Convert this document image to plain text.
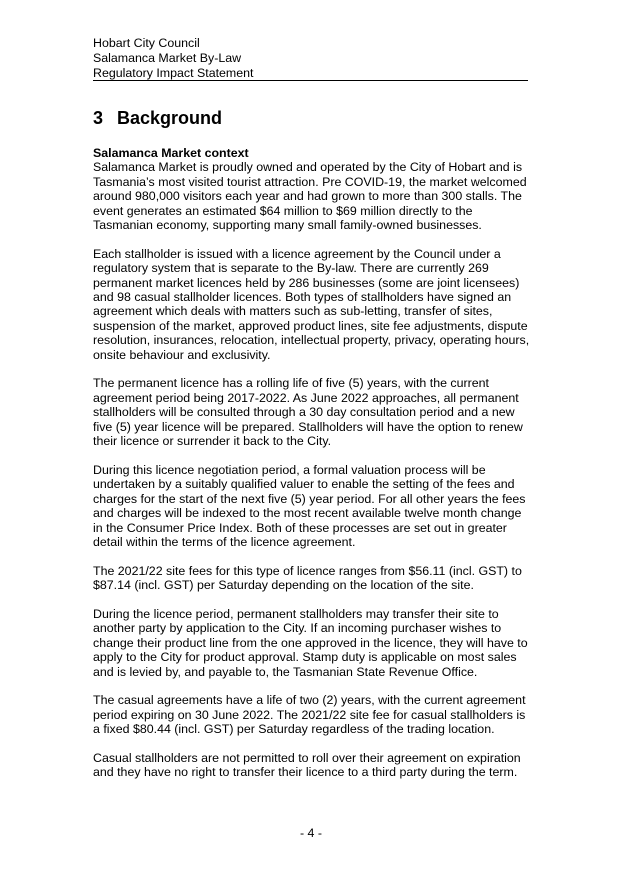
Hobart City Council
Salamanca Market By-Law
Regulatory Impact Statement
3 Background
Salamanca Market context

Salamanca Market is proudly owned and operated by the City of Hobart and is Tasmania’s most visited tourist attraction. Pre COVID-19, the market welcomed around 980,000 visitors each year and had grown to more than 300 stalls. The event generates an estimated $64 million to $69 million directly to the Tasmanian economy, supporting many small family-owned businesses.

Each stallholder is issued with a licence agreement by the Council under a regulatory system that is separate to the By-law. There are currently 269 permanent market licences held by 286 businesses (some are joint licensees) and 98 casual stallholder licences. Both types of stallholders have signed an agreement which deals with matters such as sub-letting, transfer of sites, suspension of the market, approved product lines, site fee adjustments, dispute resolution, insurances, relocation, intellectual property, privacy, operating hours, onsite behaviour and exclusivity.

The permanent licence has a rolling life of five (5) years, with the current agreement period being 2017-2022. As June 2022 approaches, all permanent stallholders will be consulted through a 30 day consultation period and a new five (5) year licence will be prepared. Stallholders will have the option to renew their licence or surrender it back to the City.

During this licence negotiation period, a formal valuation process will be undertaken by a suitably qualified valuer to enable the setting of the fees and charges for the start of the next five (5) year period. For all other years the fees and charges will be indexed to the most recent available twelve month change in the Consumer Price Index. Both of these processes are set out in greater detail within the terms of the licence agreement.

The 2021/22 site fees for this type of licence ranges from $56.11 (incl. GST) to $87.14 (incl. GST) per Saturday depending on the location of the site.

During the licence period, permanent stallholders may transfer their site to another party by application to the City. If an incoming purchaser wishes to change their product line from the one approved in the licence, they will have to apply to the City for product approval. Stamp duty is applicable on most sales and is levied by, and payable to, the Tasmanian State Revenue Office.

The casual agreements have a life of two (2) years, with the current agreement period expiring on 30 June 2022. The 2021/22 site fee for casual stallholders is a fixed $80.44 (incl. GST) per Saturday regardless of the trading location.

Casual stallholders are not permitted to roll over their agreement on expiration and they have no right to transfer their licence to a third party during the term.

- 4 -
